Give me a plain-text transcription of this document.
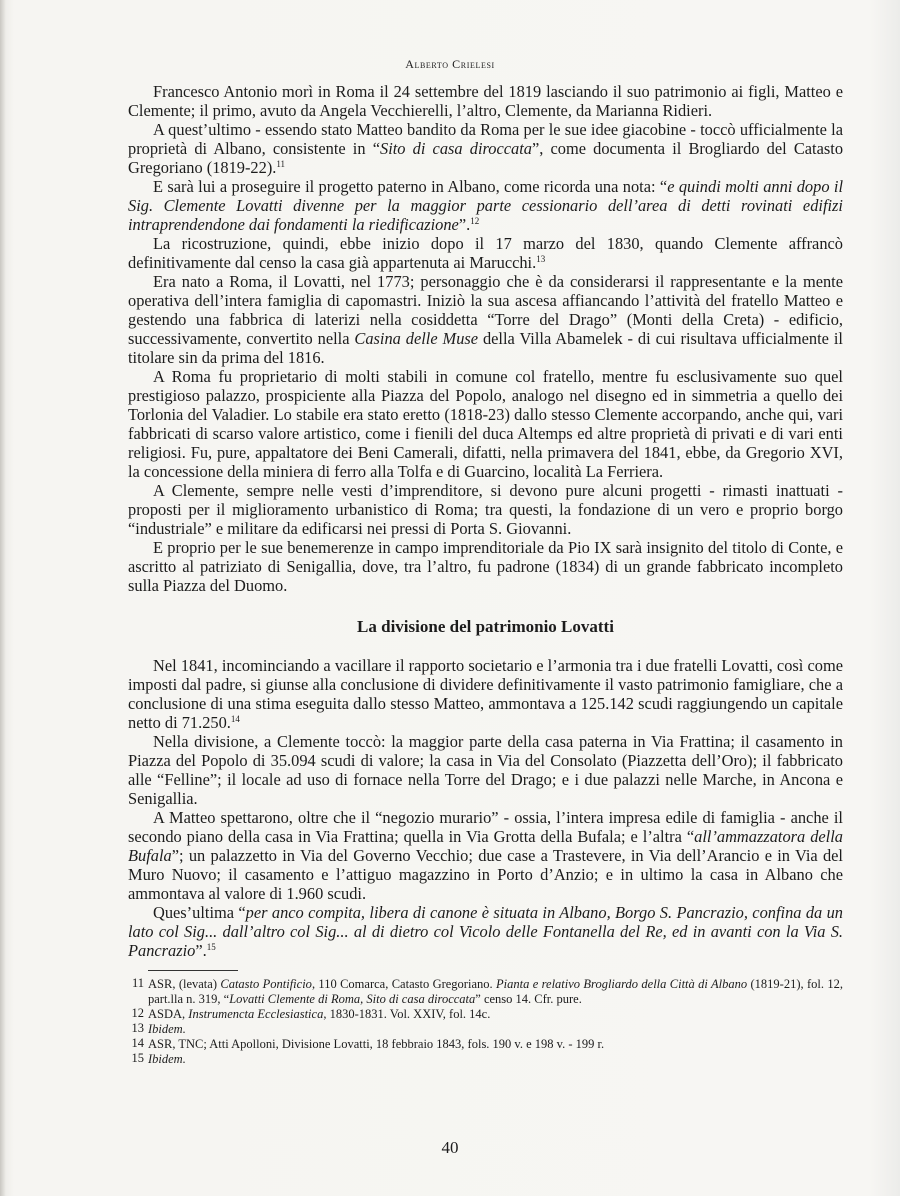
Alberto Crielesi

Francesco Antonio morì in Roma il 24 settembre del 1819 lasciando il suo patrimonio ai figli, Matteo e Clemente; il primo, avuto da Angela Vecchierelli, l’altro, Clemente, da Marianna Ridieri.

A quest’ultimo - essendo stato Matteo bandito da Roma per le sue idee giacobine - toccò ufficialmente la proprietà di Albano, consistente in “Sito di casa diroccata”, come documenta il Brogliardo del Catasto Gregoriano (1819-22).$^{11}$

E sarà lui a proseguire il progetto paterno in Albano, come ricorda una nota: “e quindi molti anni dopo il Sig. Clemente Lovatti divenne per la maggior parte cessionario dell’area di detti rovinati edifizi intraprendendone dai fondamenti la riedificazione”.$^{12}$

La ricostruzione, quindi, ebbe inizio dopo il 17 marzo del 1830, quando Clemente affrancò definitivamente dal censo la casa già appartenuta ai Marucchi.$^{13}$

Era nato a Roma, il Lovatti, nel 1773; personaggio che è da considerarsi il rappresentante e la mente operativa dell’intera famiglia di capomastri. Iniziò la sua ascesa affiancando l’attività del fratello Matteo e gestendo una fabbrica di laterizi nella cosiddetta “Torre del Drago” (Monti della Creta) - edificio, successivamente, convertito nella Casina delle Muse della Villa Abamelek - di cui risultava ufficialmente il titolare sin da prima del 1816.

A Roma fu proprietario di molti stabili in comune col fratello, mentre fu esclusivamente suo quel prestigioso palazzo, prospiciente alla Piazza del Popolo, analogo nel disegno ed in simmetria a quello dei Torlonia del Valadier. Lo stabile era stato eretto (1818-23) dallo stesso Clemente accorpando, anche qui, vari fabbricati di scarso valore artistico, come i fienili del duca Altemps ed altre proprietà di privati e di vari enti religiosi. Fu, pure, appaltatore dei Beni Camerali, difatti, nella primavera del 1841, ebbe, da Gregorio XVI, la concessione della miniera di ferro alla Tolfa e di Guarcino, località La Ferriera.

A Clemente, sempre nelle vesti d’imprenditore, si devono pure alcuni progetti - rimasti inattuati - proposti per il miglioramento urbanistico di Roma; tra questi, la fondazione di un vero e proprio borgo “industriale” e militare da edificarsi nei pressi di Porta S. Giovanni.

E proprio per le sue benemerenze in campo imprenditoriale da Pio IX sarà insignito del titolo di Conte, e ascritto al patriziato di Senigallia, dove, tra l’altro, fu padrone (1834) di un grande fabbricato incompleto sulla Piazza del Duomo.

La divisione del patrimonio Lovatti

Nel 1841, incominciando a vacillare il rapporto societario e l’armonia tra i due fratelli Lovatti, così come imposti dal padre, si giunse alla conclusione di dividere definitivamente il vasto patrimonio famigliare, che a conclusione di una stima eseguita dallo stesso Matteo, ammontava a 125.142 scudi raggiungendo un capitale netto di 71.250.14

Nella divisione, a Clemente toccò: la maggior parte della casa paterna in Via Frattina; il casamento in Piazza del Popolo di 35.094 scudi di valore; la casa in Via del Consolato (Piazzetta dell’Oro); il fabbricato alle “Felline”; il locale ad uso di fornace nella Torre del Drago; e i due palazzi nelle Marche, in Ancona e Senigallia.

A Matteo spettarono, oltre che il “negozio murario” - ossia, l’intera impresa edile di famiglia - anche il secondo piano della casa in Via Frattina; quella in Via Grotta della Bufala; e l’altra “all’ammazzatora della Bufala”; un palazzetto in Via del Governo Vecchio; due case a Trastevere, in Via dell’Arancio e in Via del Muro Nuovo; il casamento e l’attiguo magazzino in Porto d’Anzio; e in ultimo la casa in Albano che ammontava al valore di 1.960 scudi.

Ques’ultima “per anco compita, libera di canone è situata in Albano, Borgo S. Pancrazio, confina da un lato col Sig... dall’altro col Sig... al di dietro col Vicolo delle Fontanella del Re, ed in avanti con la Via S. Pancrazio”.$^{15}$

11 ASR, (levata) Catasto Pontificio, 110 Comarca, Catasto Gregoriano. Pianta e relativo Brogliardo della Città di Albano (1819-21), fol. 12, part.lla n. 319, “Lovatti Clemente di Roma, Sito di casa diroccata” censo 14. Cfr. pure.
12 ASDA, Instrumencta Ecclesiastica, 1830-1831. Vol. XXIV, fol. 14c.
13 Ibidem.
14 ASR, TNC; Atti Apolloni, Divisione Lovatti, 18 febbraio 1843, fols. 190 v. e 198 v. - 199 r.
15 Ibidem.
40
